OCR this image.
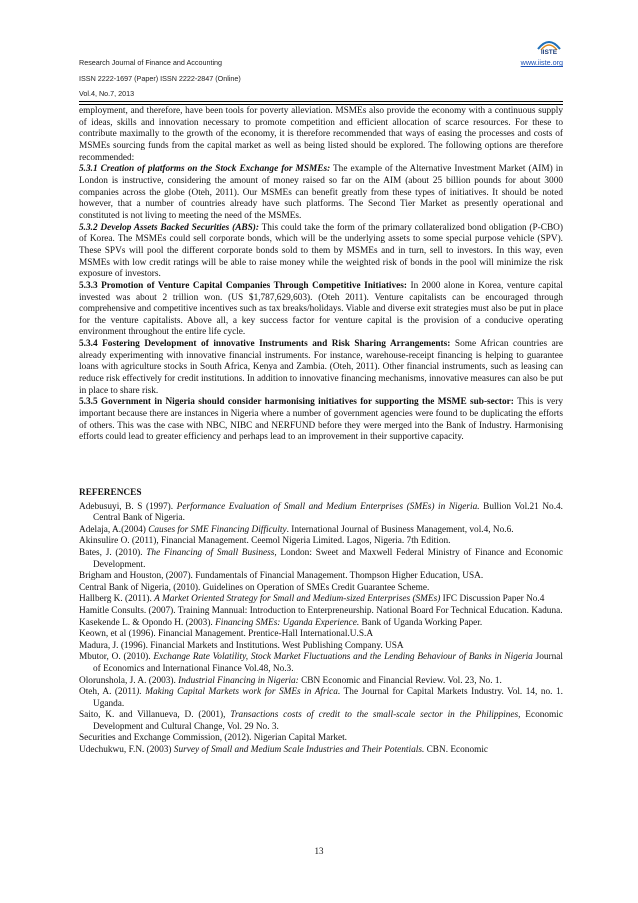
Research Journal of Finance and Accounting
ISSN 2222-1697 (Paper) ISSN 2222-2847 (Online)
Vol.4, No.7, 2013
www.iiste.org
IISTE

employment, and therefore, have been tools for poverty alleviation. MSMEs also provide the economy with a continuous supply of ideas, skills and innovation necessary to promote competition and efficient allocation of scarce resources. For these to contribute maximally to the growth of the economy, it is therefore recommended that ways of easing the processes and costs of MSMEs sourcing funds from the capital market as well as being listed should be explored. The following options are therefore recommended:

5.3.1 Creation of platforms on the Stock Exchange for MSMEs: The example of the Alternative Investment Market (AIM) in London is instructive, considering the amount of money raised so far on the AIM (about 25 billion pounds for about 3000 companies across the globe (Oteh, 2011). Our MSMEs can benefit greatly from these types of initiatives. It should be noted however, that a number of countries already have such platforms. The Second Tier Market as presently operational and constituted is not living to meeting the need of the MSMEs.

5.3.2 Develop Assets Backed Securities (ABS): This could take the form of the primary collateralized bond obligation (P-CBO) of Korea. The MSMEs could sell corporate bonds, which will be the underlying assets to some special purpose vehicle (SPV). These SPVs will pool the different corporate bonds sold to them by MSMEs and in turn, sell to investors. In this way, even MSMEs with low credit ratings will be able to raise money while the weighted risk of bonds in the pool will minimize the risk exposure of investors.

5.3.3 Promotion of Venture Capital Companies Through Competitive Initiatives: In 2000 alone in Korea, venture capital invested was about 2 trillion won. (US $1,787,629,603). (Oteh 2011). Venture capitalists can be encouraged through comprehensive and competitive incentives such as tax breaks/holidays. Viable and diverse exit strategies must also be put in place for the venture capitalists. Above all, a key success factor for venture capital is the provision of a conducive operating environment throughout the entire life cycle.

5.3.4 Fostering Development of innovative Instruments and Risk Sharing Arrangements: Some African countries are already experimenting with innovative financial instruments. For instance, warehouse-receipt financing is helping to guarantee loans with agriculture stocks in South Africa, Kenya and Zambia. (Oteh, 2011). Other financial instruments, such as leasing can reduce risk effectively for credit institutions. In addition to innovative financing mechanisms, innovative measures can also be put in place to share risk.

5.3.5 Government in Nigeria should consider harmonising initiatives for supporting the MSME sub-sector: This is very important because there are instances in Nigeria where a number of government agencies were found to be duplicating the efforts of others. This was the case with NBC, NIBC and NERFUND before they were merged into the Bank of Industry. Harmonising efforts could lead to greater efficiency and perhaps lead to an improvement in their supportive capacity.

REFERENCES

Adebusuyi, B. S (1997). Performance Evaluation of Small and Medium Enterprises (SMEs) in Nigeria. Bullion Vol.21 No.4. Central Bank of Nigeria.

Adelaja, A.(2004) Causes for SME Financing Difficulty. International Journal of Business Management, vol.4, No.6.

Akinsulire O. (2011), Financial Management. Ceemol Nigeria Limited. Lagos, Nigeria. 7th Edition.

Bates, J. (2010). The Financing of Small Business, London: Sweet and Maxwell Federal Ministry of Finance and Economic Development.

Brigham and Houston, (2007). Fundamentals of Financial Management. Thompson Higher Education, USA.

Central Bank of Nigeria, (2010). Guidelines on Operation of SMEs Credit Guarantee Scheme.

Hallberg K. (2011). A Market Oriented Strategy for Small and Medium-sized Enterprises (SMEs) IFC Discussion Paper No.4

Hamitle Consults. (2007). Training Mannual: Introduction to Enterpreneurship. National Board For Technical Education. Kaduna.

Kasekende L. & Opondo H. (2003). Financing SMEs: Uganda Experience. Bank of Uganda Working Paper.

Keown, et al (1996). Financial Management. Prentice-Hall International.U.S.A

Madura, J. (1996). Financial Markets and Institutions. West Publishing Company. USA

Mbutor, O. (2010). Exchange Rate Volatility, Stock Market Fluctuations and the Lending Behaviour of Banks in Nigeria Journal of Economics and International Finance Vol.48, No.3.

Olorunshola, J. A. (2003). Industrial Financing in Nigeria: CBN Economic and Financial Review. Vol. 23, No. 1.

Oteh, A. (2011). Making Capital Markets work for SMEs in Africa. The Journal for Capital Markets Industry. Vol. 14, no. 1. Uganda.

Saito, K. and Villanueva, D. (2001), Transactions costs of credit to the small-scale sector in the Philippines, Economic Development and Cultural Change, Vol. 29 No. 3.

Securities and Exchange Commission, (2012). Nigerian Capital Market.

Udechukwu, F.N. (2003) Survey of Small and Medium Scale Industries and Their Potentials. CBN. Economic

13
